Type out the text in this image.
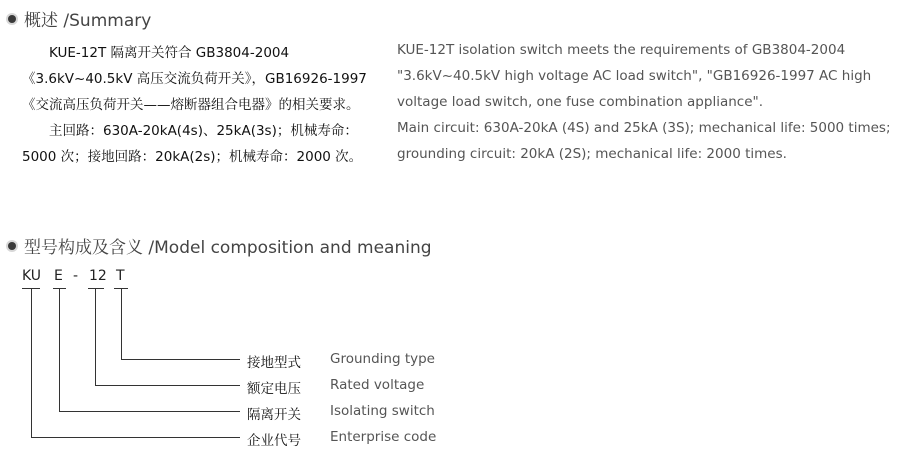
概述 /Summary

KUE-12T 隔离开关符合 GB3804-2004《3.6kV~40.5kV 高压交流负荷开关》，GB16926-1997《交流高压负荷开关——熔断器组合电器》的相关要求。

主回路：630A-20kA(4s)、25kA(3s)；机械寿命：5000 次；接地回路：20kA(2s)；机械寿命：2000 次。

KUE-12T isolation switch meets the requirements of GB3804-2004 "3.6kV~40.5kV high voltage AC load switch", "GB16926-1997 AC high voltage load switch, one fuse combination appliance".

Main circuit: 630A-20kA (4S) and 25kA (3S); mechanical life: 5000 times; grounding circuit: 20kA (2S); mechanical life: 2000 times.

型号构成及含义 /Model composition and meaning
KU E - 12 T
接地型式 Grounding type
额定电压 Rated voltage
隔离开关 Isolating switch
企业代号 Enterprise code
